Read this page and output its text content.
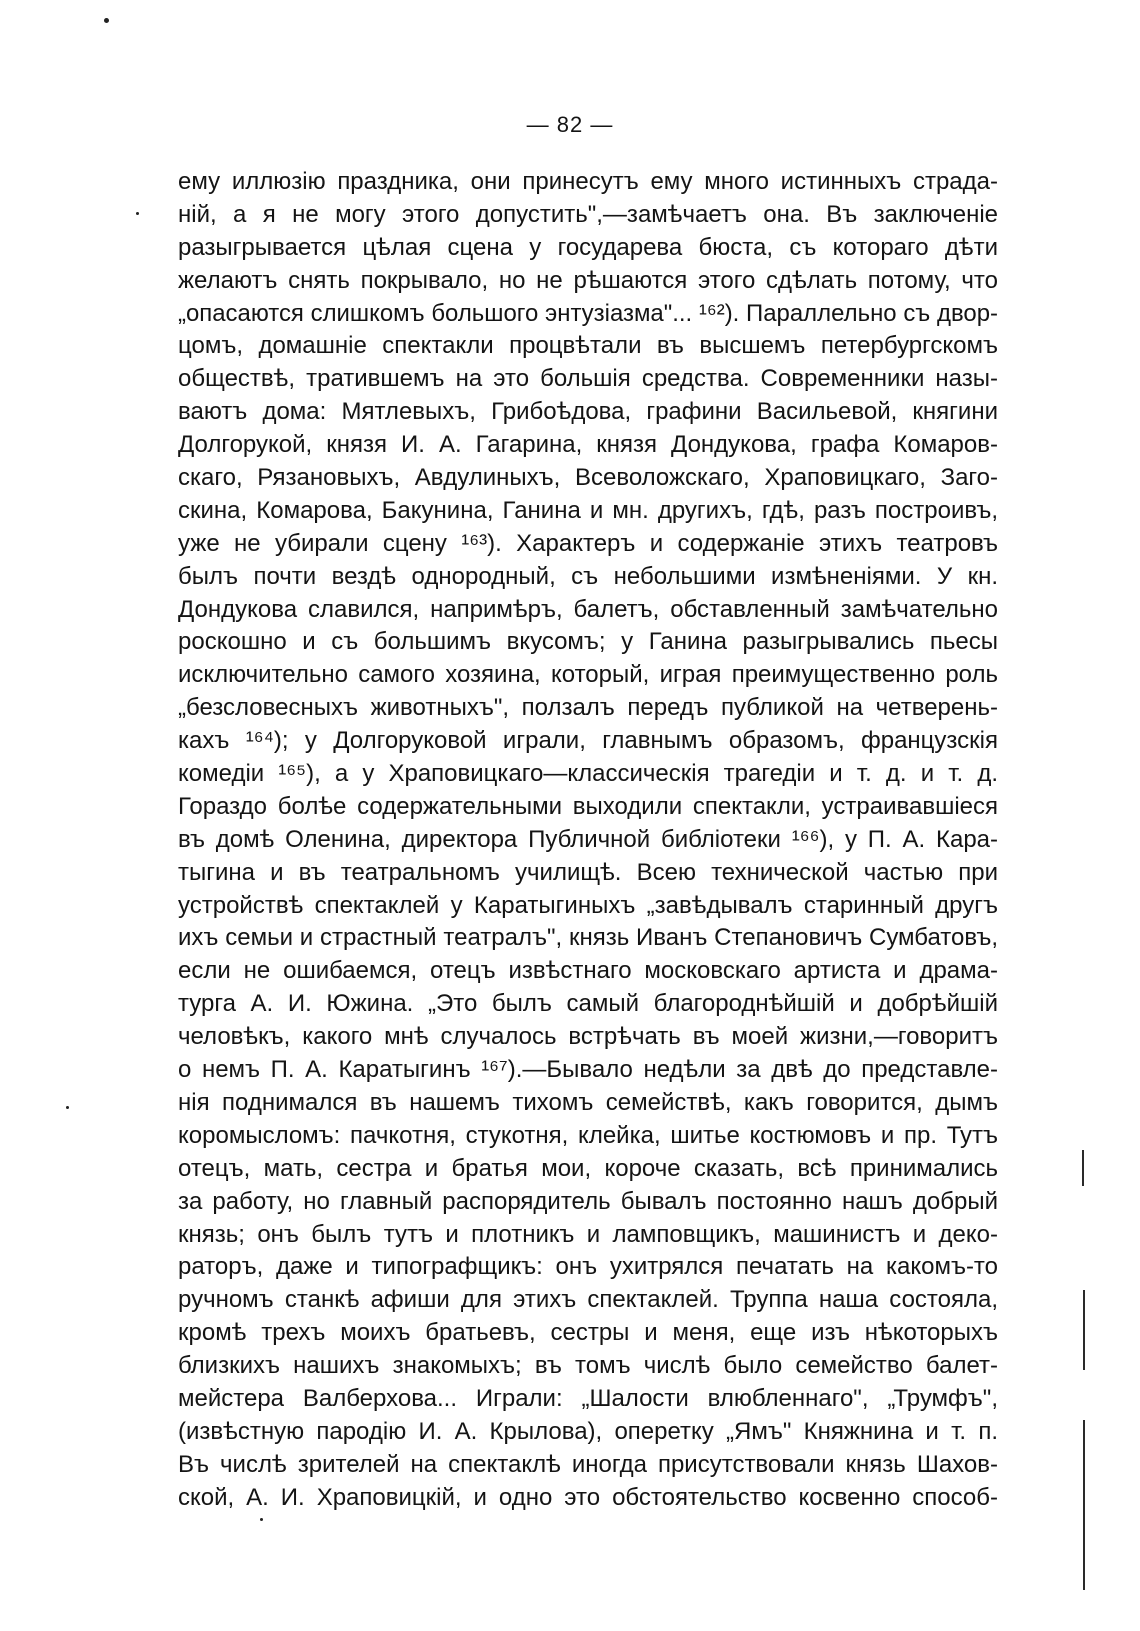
— 82 —
ему иллюзію праздника, они принесутъ ему много истинныхъ страда-
ній, а я не могу этого допустить",—замѣчаетъ она. Въ заключеніе
разыгрывается цѣлая сцена у государева бюста, съ котораго дѣти
желаютъ снять покрывало, но не рѣшаются этого сдѣлать потому, что
„опасаются слишкомъ большого энтузіазма"... ¹⁶²). Параллельно съ двор-
цомъ, домашніе спектакли процвѣтали въ высшемъ петербургскомъ
обществѣ, тратившемъ на это большія средства. Современники назы-
ваютъ дома: Мятлевыхъ, Грибоѣдова, графини Васильевой, княгини
Долгорукой, князя И. А. Гагарина, князя Дондукова, графа Комаров-
скаго, Рязановыхъ, Авдулиныхъ, Всеволожскаго, Храповицкаго, Заго-
скина, Комарова, Бакунина, Ганина и мн. другихъ, гдѣ, разъ построивъ,
уже не убирали сцену ¹⁶³). Характеръ и содержаніе этихъ театровъ
былъ почти вездѣ однородный, съ небольшими измѣненіями. У кн.
Дондукова славился, напримѣръ, балетъ, обставленный замѣчательно
роскошно и съ большимъ вкусомъ; у Ганина разыгрывались пьесы
исключительно самого хозяина, который, играя преимущественно роль
„безсловесныхъ животныхъ", ползалъ передъ публикой на четверень-
кахъ ¹⁶⁴); у Долгоруковой играли, главнымъ образомъ, французскія
комедіи ¹⁶⁵), а у Храповицкаго—классическія трагедіи и т. д. и т. д.
Гораздо болѣе содержательными выходили спектакли, устраивавшіеся
въ домѣ Оленина, директора Публичной библіотеки ¹⁶⁶), у П. А. Кара-
тыгина и въ театральномъ училищѣ. Всею технической частью при
устройствѣ спектаклей у Каратыгиныхъ „завѣдывалъ старинный другъ
ихъ семьи и страстный театралъ", князь Иванъ Степановичъ Сумбатовъ,
если не ошибаемся, отецъ извѣстнаго московскаго артиста и драма-
турга А. И. Южина. „Это былъ самый благороднѣйшій и добрѣйшій
человѣкъ, какого мнѣ случалось встрѣчать въ моей жизни,—говоритъ
о немъ П. А. Каратыгинъ ¹⁶⁷).—Бывало недѣли за двѣ до представле-
нія поднимался въ нашемъ тихомъ семействѣ, какъ говорится, дымъ
коромысломъ: пачкотня, стукотня, клейка, шитье костюмовъ и пр. Тутъ
отецъ, мать, сестра и братья мои, короче сказать, всѣ принимались
за работу, но главный распорядитель бывалъ постоянно нашъ добрый
князь; онъ былъ тутъ и плотникъ и ламповщикъ, машинистъ и деко-
раторъ, даже и типографщикъ: онъ ухитрялся печатать на какомъ-то
ручномъ станкѣ афиши для этихъ спектаклей. Труппа наша состояла,
кромѣ трехъ моихъ братьевъ, сестры и меня, еще изъ нѣкоторыхъ
близкихъ нашихъ знакомыхъ; въ томъ числѣ было семейство балет-
мейстера Валберхова... Играли: „Шалости влюбленнаго", „Трумфъ",
(извѣстную пародію И. А. Крылова), оперетку „Ямъ" Княжнина и т. п.
Въ числѣ зрителей на спектаклѣ иногда присутствовали князь Шахов-
ской, А. И. Храповицкій, и одно это обстоятельство косвенно способ-
